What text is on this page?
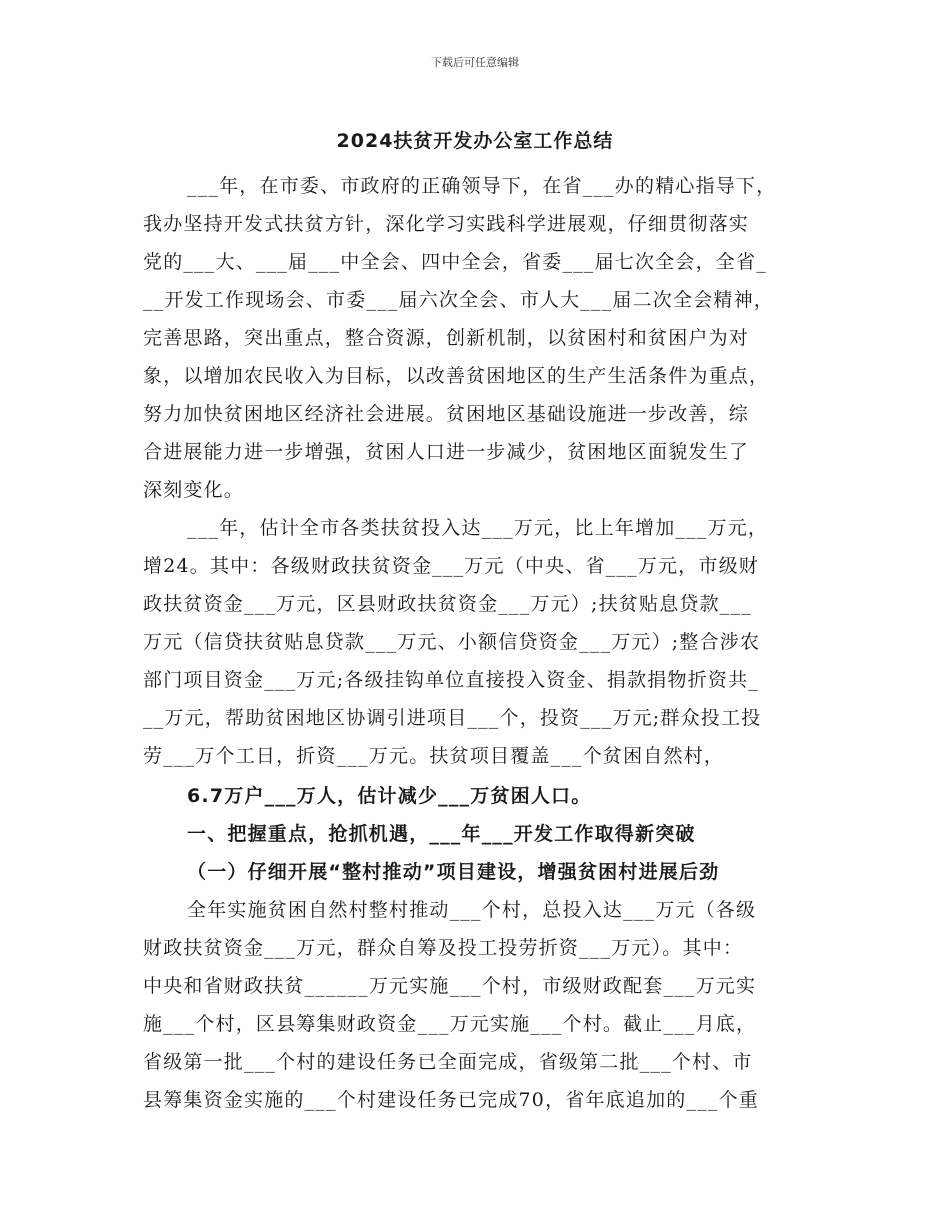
下载后可任意编辑
2024扶贫开发办公室工作总结
___年，在市委、市政府的正确领导下，在省___办的精心指导下，
我办坚持开发式扶贫方针，深化学习实践科学进展观，仔细贯彻落实
党的___大、___届___中全会、四中全会，省委___届七次全会，全省_
__开发工作现场会、市委___届六次全会、市人大___届二次全会精神，
完善思路，突出重点，整合资源，创新机制，以贫困村和贫困户为对
象，以增加农民收入为目标，以改善贫困地区的生产生活条件为重点，
努力加快贫困地区经济社会进展。贫困地区基础设施进一步改善，综
合进展能力进一步增强，贫困人口进一步减少，贫困地区面貌发生了
深刻变化。
___年，估计全市各类扶贫投入达___万元，比上年增加___万元，
增24。其中：各级财政扶贫资金___万元（中央、省___万元，市级财
政扶贫资金___万元，区县财政扶贫资金___万元）;扶贫贴息贷款___
万元（信贷扶贫贴息贷款___万元、小额信贷资金___万元）;整合涉农
部门项目资金___万元;各级挂钩单位直接投入资金、捐款捐物折资共_
__万元，帮助贫困地区协调引进项目___个，投资___万元;群众投工投
劳___万个工日，折资___万元。扶贫项目覆盖___个贫困自然村，
6.7万户___万人，估计减少___万贫困人口。
一、把握重点，抢抓机遇，___年___开发工作取得新突破
（一）仔细开展“整村推动”项目建设，增强贫困村进展后劲
全年实施贫困自然村整村推动___个村，总投入达___万元（各级
财政扶贫资金___万元，群众自筹及投工投劳折资___万元）。其中：
中央和省财政扶贫______万元实施___个村，市级财政配套___万元实
施___个村，区县筹集财政资金___万元实施___个村。截止___月底，
省级第一批___个村的建设任务已全面完成，省级第二批___个村、市
县筹集资金实施的___个村建设任务已完成70，省年底追加的___个重
